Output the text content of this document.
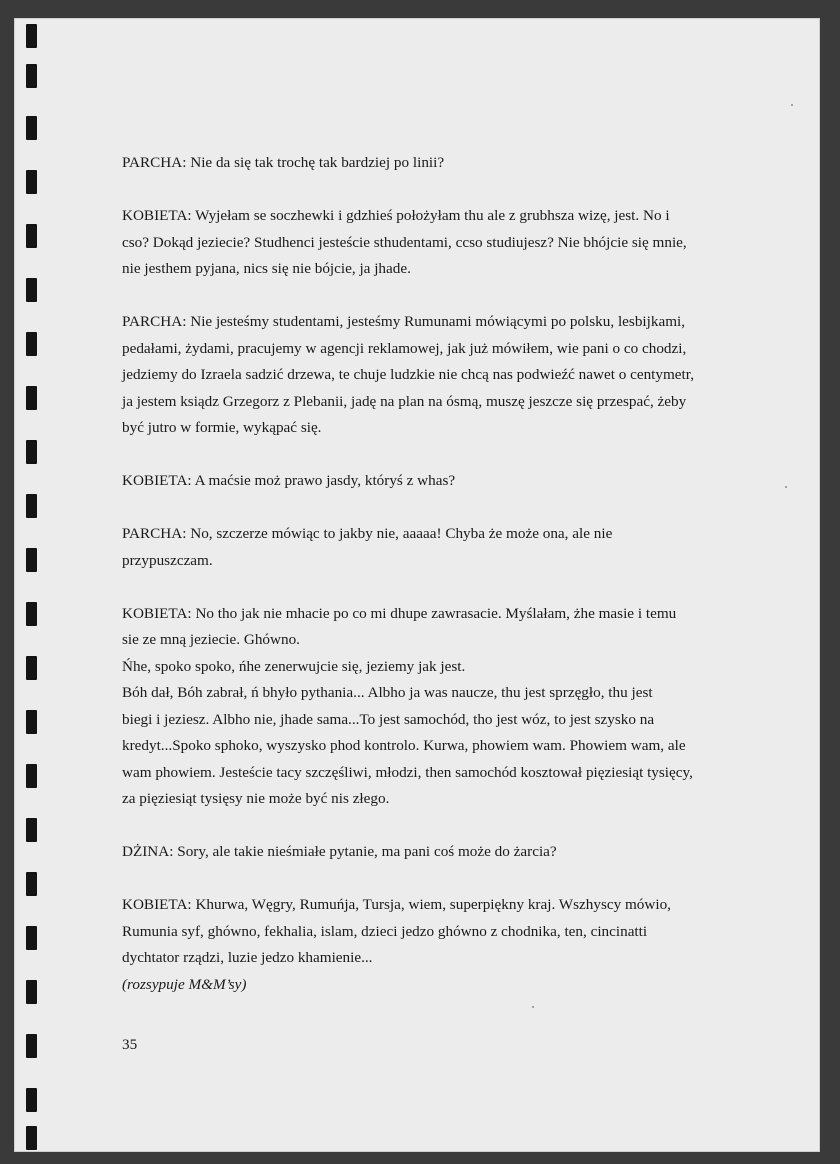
PARCHA: Nie da się tak trochę tak bardziej po linii?
KOBIETA: Wyjełam se soczhewki i gdzhieś położyłam thu ale z grubhsza wizę, jest. No i
cso? Dokąd jeziecie? Studhenci jesteście sthudentami, ccso studiujesz? Nie bhójcie się mnie,
nie jesthem pyjana, nics się nie bójcie, ja jhade.
PARCHA: Nie jesteśmy studentami, jesteśmy Rumunami mówiącymi po polsku, lesbijkami,
pedałami, żydami, pracujemy w agencji reklamowej, jak już mówiłem, wie pani o co chodzi,
jedziemy do Izraela sadzić drzewa, te chuje ludzkie nie chcą nas podwieźć nawet o centymetr,
ja jestem ksiądz Grzegorz z Plebanii, jadę na plan na ósmą, muszę jeszcze się przespać, żeby
być jutro w formie, wykąpać się.
KOBIETA: A maćsie moż prawo jasdy, któryś z whas?
PARCHA: No, szczerze mówiąc to jakby nie, aaaaa! Chyba że może ona, ale nie
przypuszczam.
KOBIETA: No tho jak nie mhacie po co mi dhupe zawrasacie. Myślałam, żhe masie i temu
sie ze mną jeziecie. Ghówno.
Ńhe, spoko spoko, ńhe zenerwujcie się, jeziemy jak jest.
Bóh dał, Bóh zabrał, ń bhyło pythania... Albho ja was naucze, thu jest sprzęgło, thu jest
biegi i jeziesz. Albho nie, jhade sama...To jest samochód, tho jest wóz, to jest szysko na
kredyt...Spoko sphoko, wyszysko phod kontrolo. Kurwa, phowiem wam. Phowiem wam, ale
wam phowiem. Jesteście tacy szczęśliwi, młodzi, then samochód kosztował pięziesiąt tysięcy,
za pięziesiąt tysięsy nie może być nis złego.
DŻINA: Sory, ale takie nieśmiałe pytanie, ma pani coś może do żarcia?
KOBIETA: Khurwa, Węgry, Rumuńja, Tursja, wiem, superpiękny kraj. Wszhyscy mówio,
Rumunia syf, ghówno, fekhalia, islam, dzieci jedzo ghówno z chodnika, ten, cincinatti
dychtator rządzi, luzie jedzo khamienie...
(rozsypuje M&M’sy)
35
